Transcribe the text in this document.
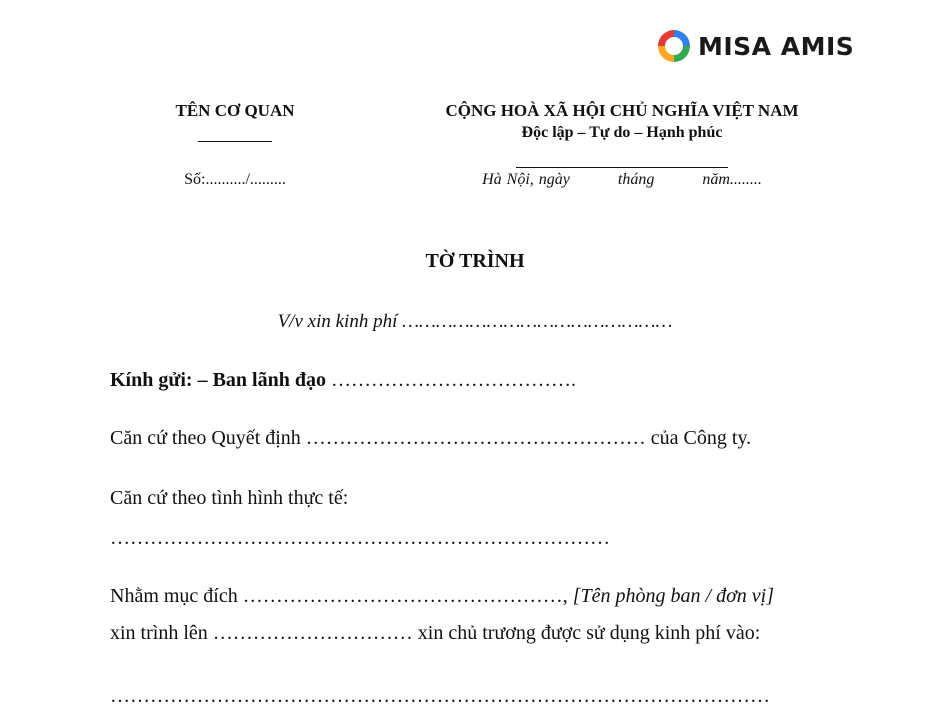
MISA AMIS
TÊN CƠ QUAN
Số:........../.........
CỘNG HOÀ XÃ HỘI CHỦ NGHĨA VIỆT NAM
Độc lập – Tự do – Hạnh phúc
Hà Nội, ngày	tháng	năm........
TỜ TRÌNH
V/v xin kinh phí …………………………………………
Kính gửi: – Ban lãnh đạo ……………………………….
Căn cứ theo Quyết định …………………………………………… của Công ty.
Căn cứ theo tình hình thực tế:
…………………………………………………………………
Nhằm mục đích …………………………………………, [Tên phòng ban / đơn vị]
xin trình lên ………………………… xin chủ trương được sử dụng kinh phí vào:
………………………………………………………………………………………
